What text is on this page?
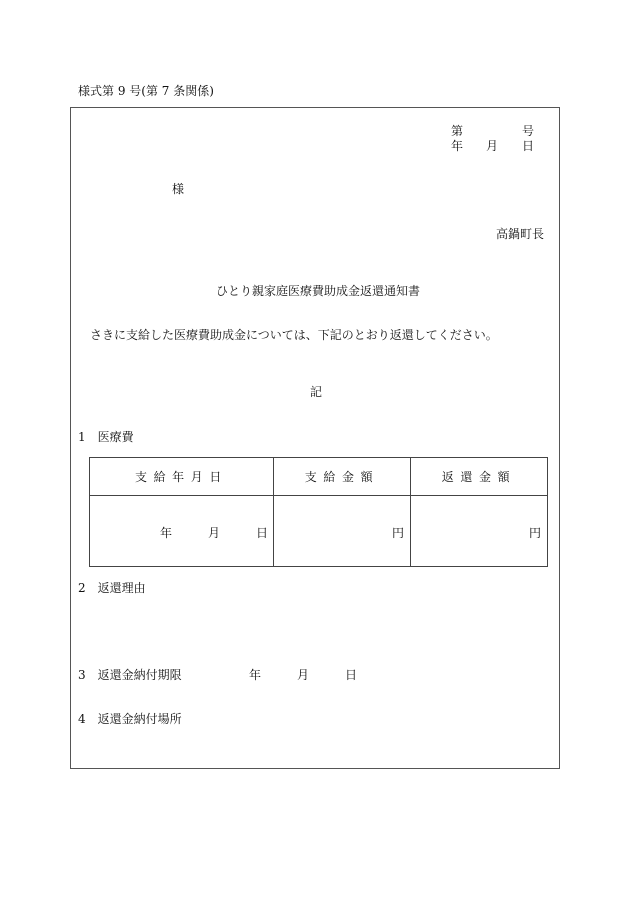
様式第 9 号(第 7 条関係)
第	号
年 月 日
様
高鍋町長
ひとり親家庭医療費助成金返還通知書
さきに支給した医療費助成金については、下記のとおり返還してください。
記
1　医療費
支給年月日	支給金額	返還金額

年 月 日	円	円
2　返還理由
3　返還金納付期限	年	月	日
4　返還金納付場所
